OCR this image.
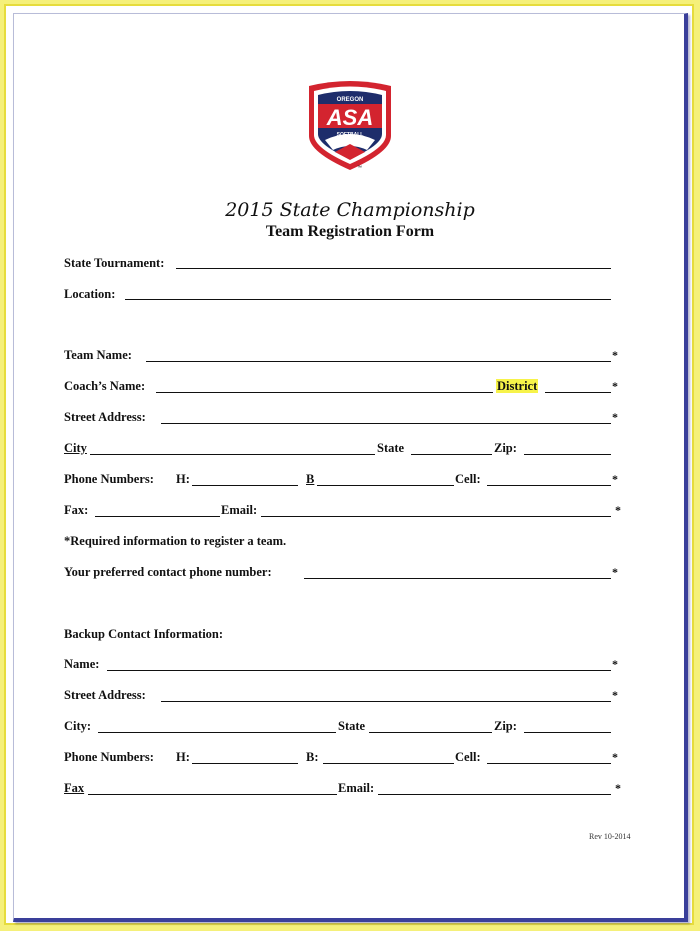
OREGON
ASA
SOFTBALL
™
2015 State Championship
Team Registration Form
State Tournament:
Location:
Team Name:	*
Coach’s Name:	District	*
Street Address:	*
City	State	Zip:
Phone Numbers: H:	B	Cell:	*
Fax:	Email:	*
*Required information to register a team.
Your preferred contact phone number:	*
Backup Contact Information:
Name:	*
Street Address:	*
City:	State	Zip:
Phone Numbers: H:	B:	Cell:	*
Fax	Email:	*
Rev 10-2014
